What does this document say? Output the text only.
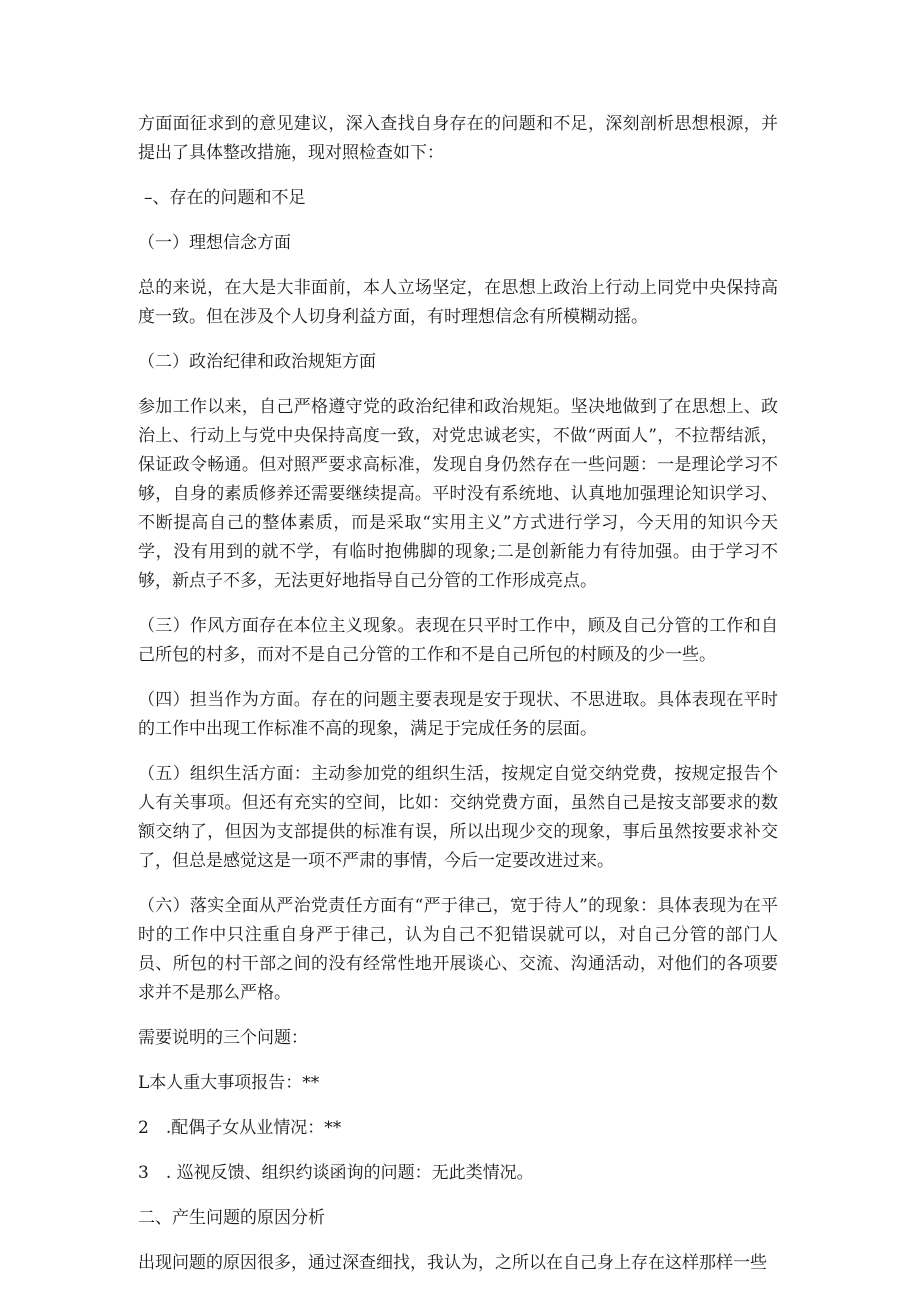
方面面征求到的意见建议，深入查找自身存在的问题和不足，深刻剖析思想根源，并提出了具体整改措施，现对照检查如下：

–、存在的问题和不足

（一）理想信念方面

总的来说，在大是大非面前，本人立场坚定，在思想上政治上行动上同党中央保持高度一致。但在涉及个人切身利益方面，有时理想信念有所模糊动摇。

（二）政治纪律和政治规矩方面

参加工作以来，自己严格遵守党的政治纪律和政治规矩。坚决地做到了在思想上、政治上、行动上与党中央保持高度一致，对党忠诚老实，不做“两面人”，不拉帮结派，保证政令畅通。但对照严要求高标准，发现自身仍然存在一些问题：一是理论学习不够，自身的素质修养还需要继续提高。平时没有系统地、认真地加强理论知识学习、不断提高自己的整体素质，而是采取“实用主义”方式进行学习，今天用的知识今天学，没有用到的就不学，有临时抱佛脚的现象;二是创新能力有待加强。由于学习不够，新点子不多，无法更好地指导自己分管的工作形成亮点。

（三）作风方面存在本位主义现象。表现在只平时工作中，顾及自己分管的工作和自己所包的村多，而对不是自己分管的工作和不是自己所包的村顾及的少一些。

（四）担当作为方面。存在的问题主要表现是安于现状、不思进取。具体表现在平时的工作中出现工作标准不高的现象，满足于完成任务的层面。

（五）组织生活方面：主动参加党的组织生活，按规定自觉交纳党费，按规定报告个人有关事项。但还有充实的空间，比如：交纳党费方面，虽然自己是按支部要求的数额交纳了，但因为支部提供的标准有误，所以出现少交的现象，事后虽然按要求补交了，但总是感觉这是一项不严肃的事情，今后一定要改进过来。

（六）落实全面从严治党责任方面有“严于律己，宽于待人”的现象：具体表现为在平时的工作中只注重自身严于律己，认为自己不犯错误就可以，对自己分管的部门人员、所包的村干部之间的没有经常性地开展谈心、交流、沟通活动，对他们的各项要求并不是那么严格。

需要说明的三个问题：

L本人重大事项报告：**

2　.配偶子女从业情况：**

3　. 巡视反馈、组织约谈函询的问题：无此类情况。

二、产生问题的原因分析

出现问题的原因很多，通过深查细找，我认为，之所以在自己身上存在这样那样一些
